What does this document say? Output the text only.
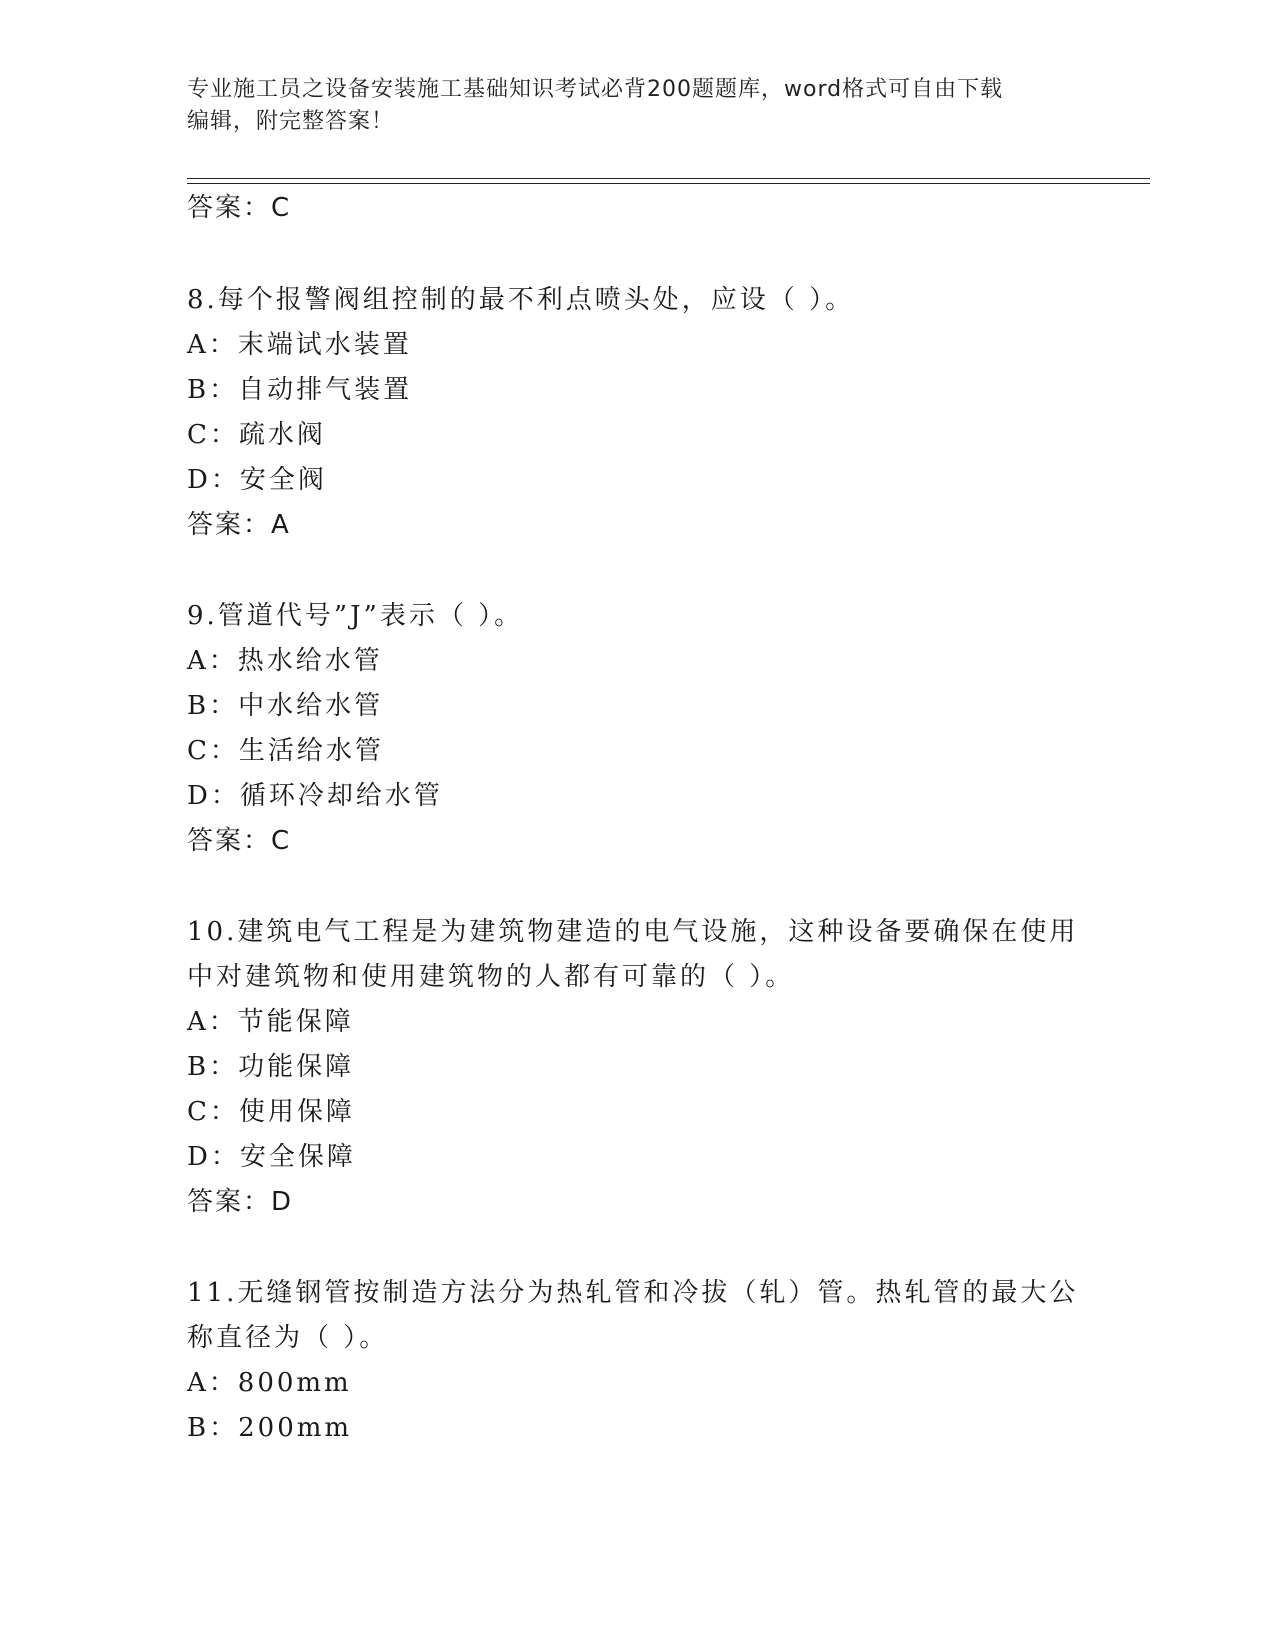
专业施工员之设备安装施工基础知识考试必背200题题库，word格式可自由下载
编辑，附完整答案！
答案：C
8.每个报警阀组控制的最不利点喷头处，应设（ ）。
A：末端试水装置
B：自动排气装置
C：疏水阀
D：安全阀
答案：A
9.管道代号”J”表示（ ）。
A：热水给水管
B：中水给水管
C：生活给水管
D：循环冷却给水管
答案：C
10.建筑电气工程是为建筑物建造的电气设施，这种设备要确保在使用
中对建筑物和使用建筑物的人都有可靠的（ ）。
A：节能保障
B：功能保障
C：使用保障
D：安全保障
答案：D
11.无缝钢管按制造方法分为热轧管和冷拔（轧）管。热轧管的最大公
称直径为（ ）。
A：800mm
B：200mm
